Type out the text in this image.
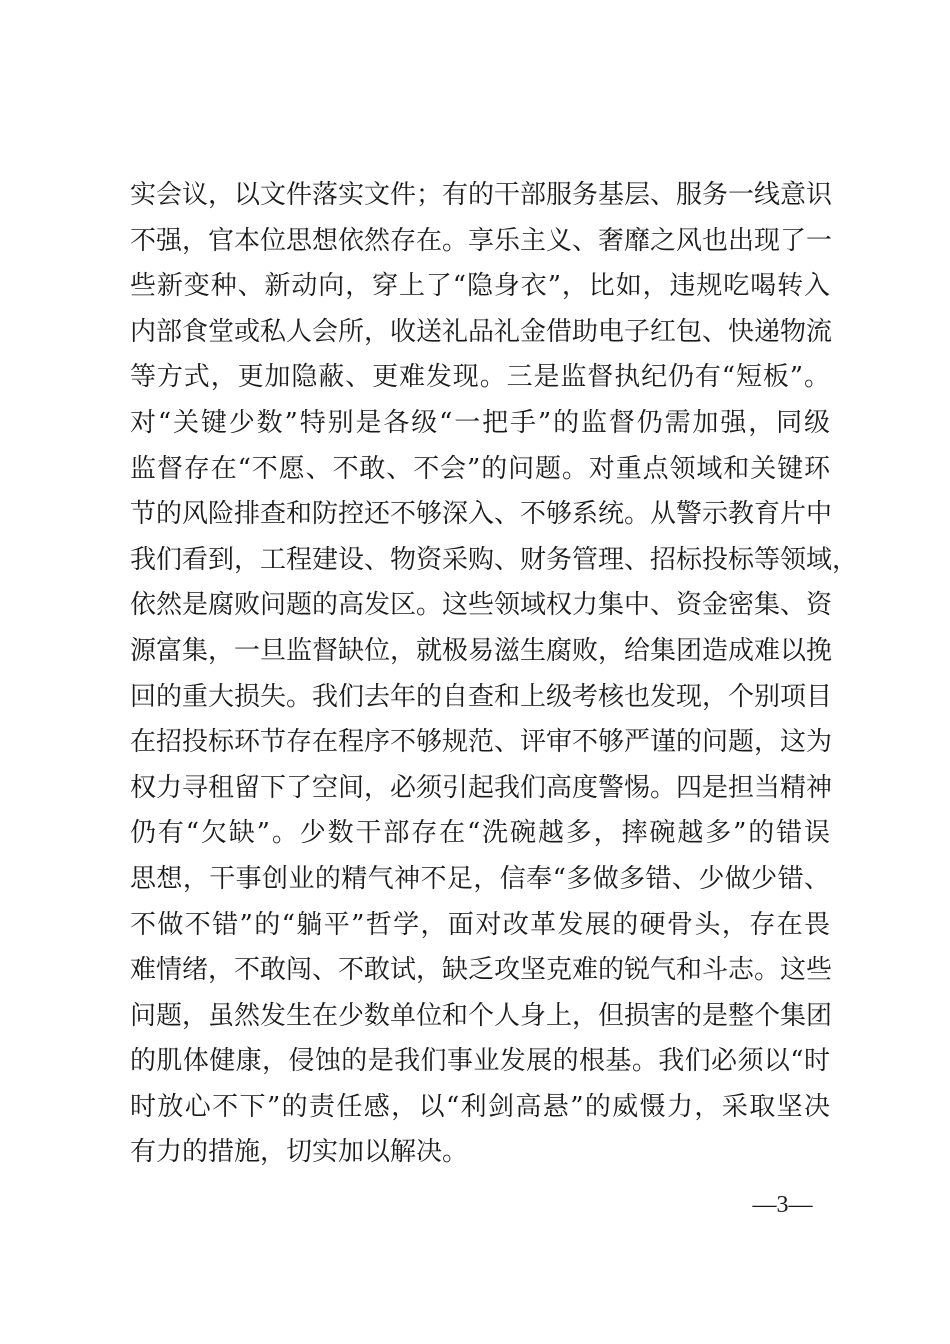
实会议，以文件落实文件；有的干部服务基层、服务一线意识
不强，官本位思想依然存在。享乐主义、奢靡之风也出现了一
些新变种、新动向，穿上了“隐身衣”，比如，违规吃喝转入
内部食堂或私人会所，收送礼品礼金借助电子红包、快递物流
等方式，更加隐蔽、更难发现。三是监督执纪仍有“短板”。
对“关键少数”特别是各级“一把手”的监督仍需加强，同级
监督存在“不愿、不敢、不会”的问题。对重点领域和关键环
节的风险排查和防控还不够深入、不够系统。从警示教育片中
我们看到，工程建设、物资采购、财务管理、招标投标等领域，
依然是腐败问题的高发区。这些领域权力集中、资金密集、资
源富集，一旦监督缺位，就极易滋生腐败，给集团造成难以挽
回的重大损失。我们去年的自查和上级考核也发现，个别项目
在招投标环节存在程序不够规范、评审不够严谨的问题，这为
权力寻租留下了空间，必须引起我们高度警惕。四是担当精神
仍有“欠缺”。少数干部存在“洗碗越多，摔碗越多”的错误
思想，干事创业的精气神不足，信奉“多做多错、少做少错、
不做不错”的“躺平”哲学，面对改革发展的硬骨头，存在畏
难情绪，不敢闯、不敢试，缺乏攻坚克难的锐气和斗志。这些
问题，虽然发生在少数单位和个人身上，但损害的是整个集团
的肌体健康，侵蚀的是我们事业发展的根基。我们必须以“时
时放心不下”的责任感，以“利剑高悬”的威慑力，采取坚决
有力的措施，切实加以解决。
—3—
